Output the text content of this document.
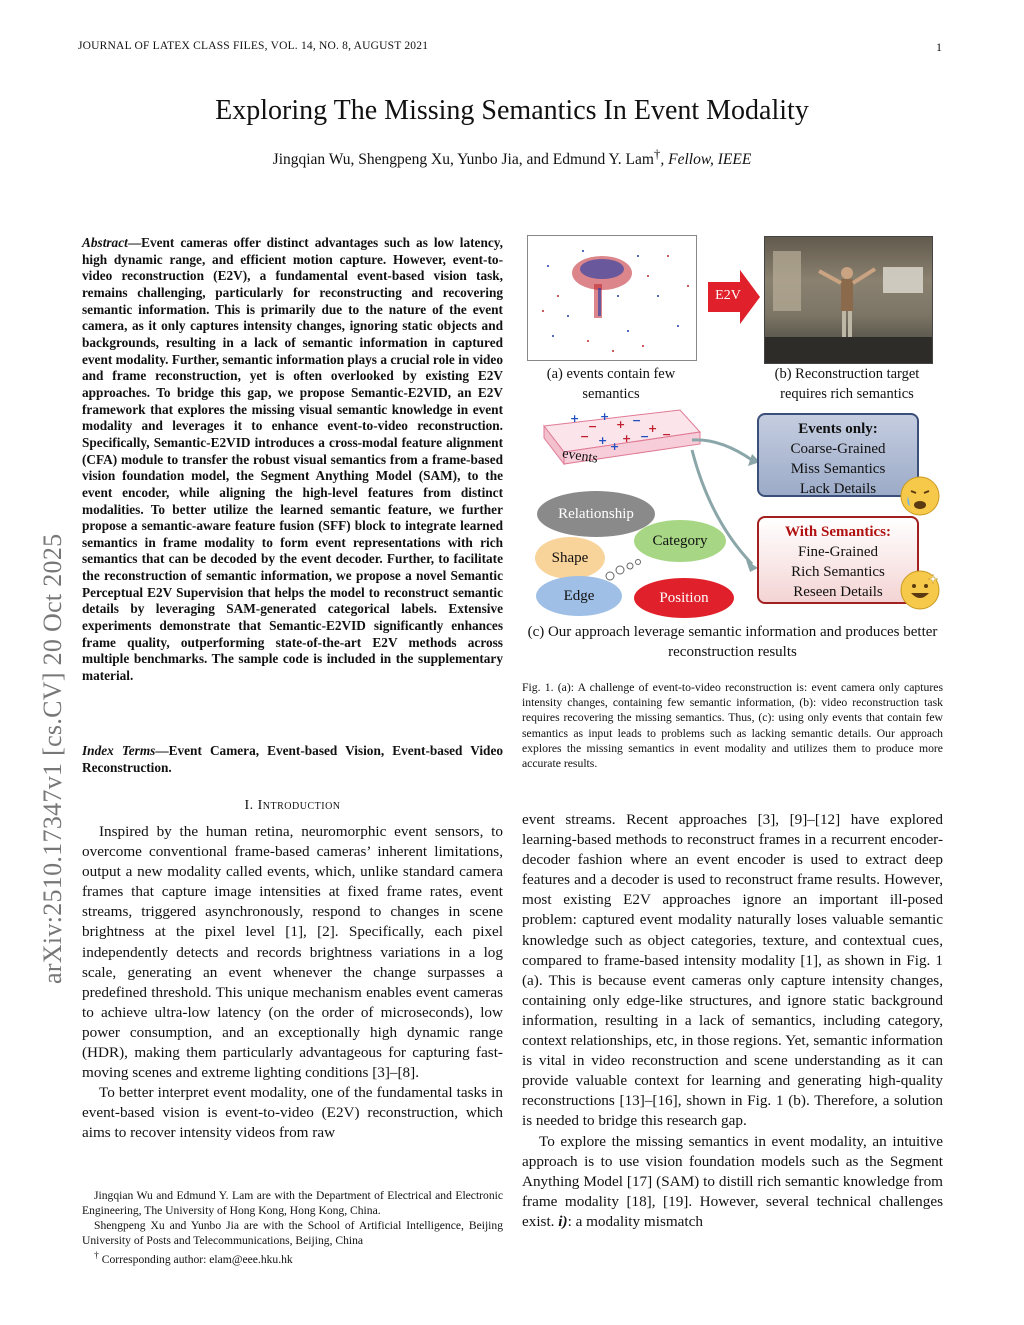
JOURNAL OF LATEX CLASS FILES, VOL. 14, NO. 8, AUGUST 2021	1
arXiv:2510.17347v1 [cs.CV] 20 Oct 2025
Exploring The Missing Semantics In Event Modality
Jingqian Wu, Shengpeng Xu, Yunbo Jia, and Edmund Y. Lam†, Fellow, IEEE
Abstract—Event cameras offer distinct advantages such as low latency, high dynamic range, and efficient motion capture. However, event-to-video reconstruction (E2V), a fundamental event-based vision task, remains challenging, particularly for reconstructing and recovering semantic information. This is primarily due to the nature of the event camera, as it only captures intensity changes, ignoring static objects and backgrounds, resulting in a lack of semantic information in captured event modality. Further, semantic information plays a crucial role in video and frame reconstruction, yet is often overlooked by existing E2V approaches. To bridge this gap, we propose Semantic-E2VID, an E2V framework that explores the missing visual semantic knowledge in event modality and leverages it to enhance event-to-video reconstruction. Specifically, Semantic-E2VID introduces a cross-modal feature alignment (CFA) module to transfer the robust visual semantics from a frame-based vision foundation model, the Segment Anything Model (SAM), to the event encoder, while aligning the high-level features from distinct modalities. To better utilize the learned semantic feature, we further propose a semantic-aware feature fusion (SFF) block to integrate learned semantics in frame modality to form event representations with rich semantics that can be decoded by the event decoder. Further, to facilitate the reconstruction of semantic information, we propose a novel Semantic Perceptual E2V Supervision that helps the model to reconstruct semantic details by leveraging SAM-generated categorical labels. Extensive experiments demonstrate that Semantic-E2VID significantly enhances frame quality, outperforming state-of-the-art E2V methods across multiple benchmarks. The sample code is included in the supplementary material.
Index Terms—Event Camera, Event-based Vision, Event-based Video Reconstruction.
I. Introduction

Inspired by the human retina, neuromorphic event sensors, to overcome conventional frame-based cameras’ inherent limitations, output a new modality called events, which, unlike standard camera frames that capture image intensities at fixed frame rates, event streams, triggered asynchronously, respond to changes in scene brightness at the pixel level [1], [2]. Specifically, each pixel independently detects and records brightness variations in a log scale, generating an event whenever the change surpasses a predefined threshold. This unique mechanism enables event cameras to achieve ultra-low latency (on the order of microseconds), low power consumption, and an exceptionally high dynamic range (HDR), making them particularly advantageous for capturing fast-moving scenes and extreme lighting conditions [3]–[8].

To better interpret event modality, one of the fundamental tasks in event-based vision is event-to-video (E2V) reconstruction, which aims to recover intensity videos from raw

Jingqian Wu and Edmund Y. Lam are with the Department of Electrical and Electronic Engineering, The University of Hong Kong, Hong Kong, China.

Shengpeng Xu and Yunbo Jia are with the School of Artificial Intelligence, Beijing University of Posts and Telecommunications, Beijing, China

† Corresponding author: elam@eee.hku.hk

E2V
(a) events contain few semantics
(b) Reconstruction target requires rich semantics
+
−
+
+ −
+
− + + − −
+
events
Events only:
Coarse-Grained
Miss Semantics
Lack Details
With Semantics:
Fine-Grained
Rich Semantics
Reseen Details
Relationship
Category
Shape
Edge	Position
(c) Our approach leverage semantic information and produces better reconstruction results
Fig. 1. (a): A challenge of event-to-video reconstruction is: event camera only captures intensity changes, containing few semantic information, (b): video reconstruction task requires recovering the missing semantics. Thus, (c): using only events that contain few semantics as input leads to problems such as lacking semantic details. Our approach explores the missing semantics in event modality and utilizes them to produce more accurate results.

event streams. Recent approaches [3], [9]–[12] have explored learning-based methods to reconstruct frames in a recurrent encoder-decoder fashion where an event encoder is used to extract deep features and a decoder is used to reconstruct frame results. However, most existing E2V approaches ignore an important ill-posed problem: captured event modality naturally loses valuable semantic knowledge such as object categories, texture, and contextual cues, compared to frame-based intensity modality [1], as shown in Fig. 1 (a). This is because event cameras only capture intensity changes, containing only edge-like structures, and ignore static background information, resulting in a lack of semantics, including category, context relationships, etc, in those regions. Yet, semantic information is vital in video reconstruction and scene understanding as it can provide valuable context for learning and generating high-quality reconstructions [13]–[16], shown in Fig. 1 (b). Therefore, a solution is needed to bridge this research gap.

To explore the missing semantics in event modality, an intuitive approach is to use vision foundation models such as the Segment Anything Model [17] (SAM) to distill rich semantic knowledge from frame modality [18], [19]. However, several technical challenges exist. i): a modality mismatch
